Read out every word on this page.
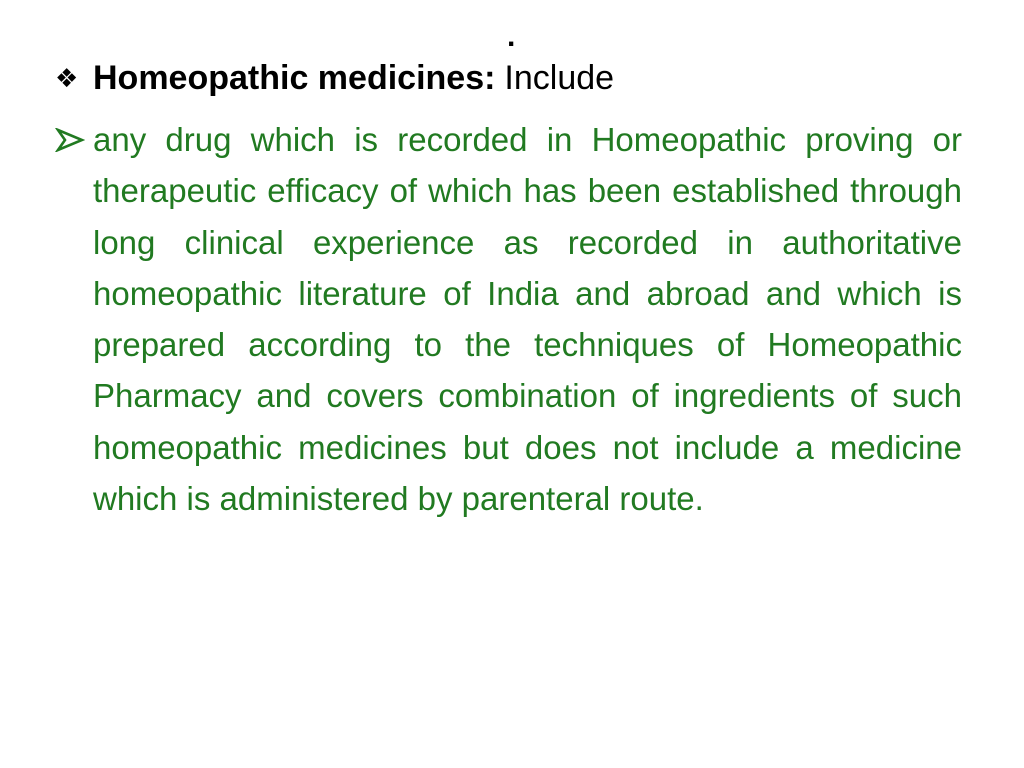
.
❖ Homeopathic medicines: Include

any drug which is recorded in Homeopathic proving or therapeutic efficacy of which has been established through long clinical experience as recorded in authoritative homeopathic literature of India and abroad and which is prepared according to the techniques of Homeopathic Pharmacy and covers combination of ingredients of such homeopathic medicines but does not include a medicine which is administered by parenteral route.
